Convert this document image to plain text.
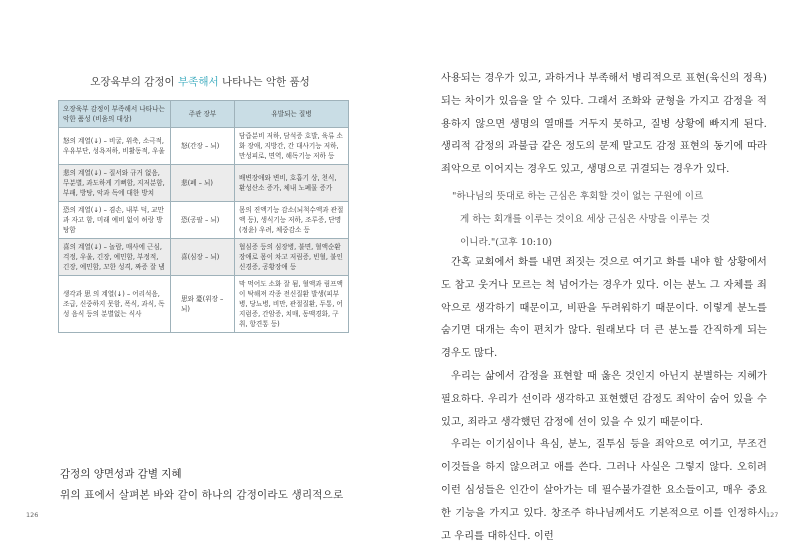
오장육부의 감정이 부족해서 나타나는 악한 품성
오장육부 감정이 부족해서 나타나는 악한 품성 (비움의 대상)	주관 장부	유발되는 질병
怒의 계열(↓) – 비굴, 위축, 소극적, 우유부단, 성욕저하, 비활동적, 우울	怒(간장 – 뇌)	담즙분비 저하, 담석증 호발, 육류 소화 장애, 지방간, 간 대사기능 저하, 만성피로, 면역, 해독기능 저하 등
悲의 계열(↓) – 질서와 규거 없음, 무분별, 과도하게 기뻐함, 지저분함, 부패, 방탕, 악과 독에 대한 방치	悲(폐 – 뇌)	배변장애와 변비, 호흡기 상, 천식, 환성산소 증가, 체내 노폐물 증가
恐의 계열(↓) – 겸손, 내부 덕, 교만과 자고 함, 미래 예비 없이 허랑 방탕함	恐(공팔 – 뇌)	몸의 진액기능 감소(뇌척수액과 관절액 등), 생식기능 저하, 조루증, 단명(정윤) 우려, 체중감소 등
喜의 계열(↓) – 놀람, 매사에 근심, 걱정, 우울, 긴장, 예민함, 부정적, 긴장, 예민함, 꼬한 성격, 짜증 잘 냄	喜(심장 – 뇌)	협심증 등의 심장병, 불면, 혈액순환장애로 몸이 차고 저림증, 빈혈, 불인신경증, 공황장애 등
생각과 思 의 계열(↓) – 어리석음, 조급, 신중하지 못함, 폭식, 과식, 독성 음식 등의 분별없는 식사	思와 憂(위장 – 뇌)	막 먹어도 소화 잘 됨, 혈액과 림프액이 탁해져 각종 전신질환 발생(피부병, 당뇨병, 비만, 관절질환, 두통, 어지럼증, 간암증, 치매, 동맥경화, 구취, 항견통 등)
감정의 양면성과 감별 지혜
위의 표에서 살펴본 바와 같이 하나의 감정이라도 생리적으로
126

사용되는 경우가 있고, 과하거나 부족해서 병리적으로 표현(육신의 정욕)되는 차이가 있음을 알 수 있다. 그래서 조화와 균형을 가지고 감정을 적용하지 않으면 생명의 열매를 거두지 못하고, 질병 상황에 빠지게 된다. 생리적 감정의 과불급 같은 정도의 문제 말고도 감정 표현의 동기에 따라 죄악으로 이어지는 경우도 있고, 생명으로 귀결되는 경우가 있다.

"하나님의 뜻대로 하는 근심은 후회할 것이 없는 구원에 이르
게 하는 회개를 이루는 것이요 세상 근심은 사망을 이루는 것
이니라."(고후 10:10)

간혹 교회에서 화를 내면 죄짓는 것으로 여기고 화를 내야 할 상황에서도 참고 웃거나 모르는 척 넘어가는 경우가 있다. 이는 분노 그 자체를 죄악으로 생각하기 때문이고, 비판을 두려워하기 때문이다. 이렇게 분노를 숨기면 대개는 속이 편치가 않다. 원래보다 더 큰 분노를 간직하게 되는 경우도 많다.

우리는 삶에서 감정을 표현할 때 옳은 것인지 아닌지 분별하는 지혜가 필요하다. 우리가 선이라 생각하고 표현했던 감정도 죄악이 숨어 있을 수 있고, 죄라고 생각했던 감정에 선이 있을 수 있기 때문이다.

우리는 이기심이나 욕심, 분노, 질투심 등을 죄악으로 여기고, 무조건 이것들을 하지 않으려고 애를 쓴다. 그러나 사실은 그렇지 않다. 오히려 이런 심성들은 인간이 살아가는 데 필수불가결한 요소들이고, 매우 중요한 기능을 가지고 있다. 창조주 하나님께서도 기본적으로 이를 인정하시고 우리를 대하신다. 이런

127
